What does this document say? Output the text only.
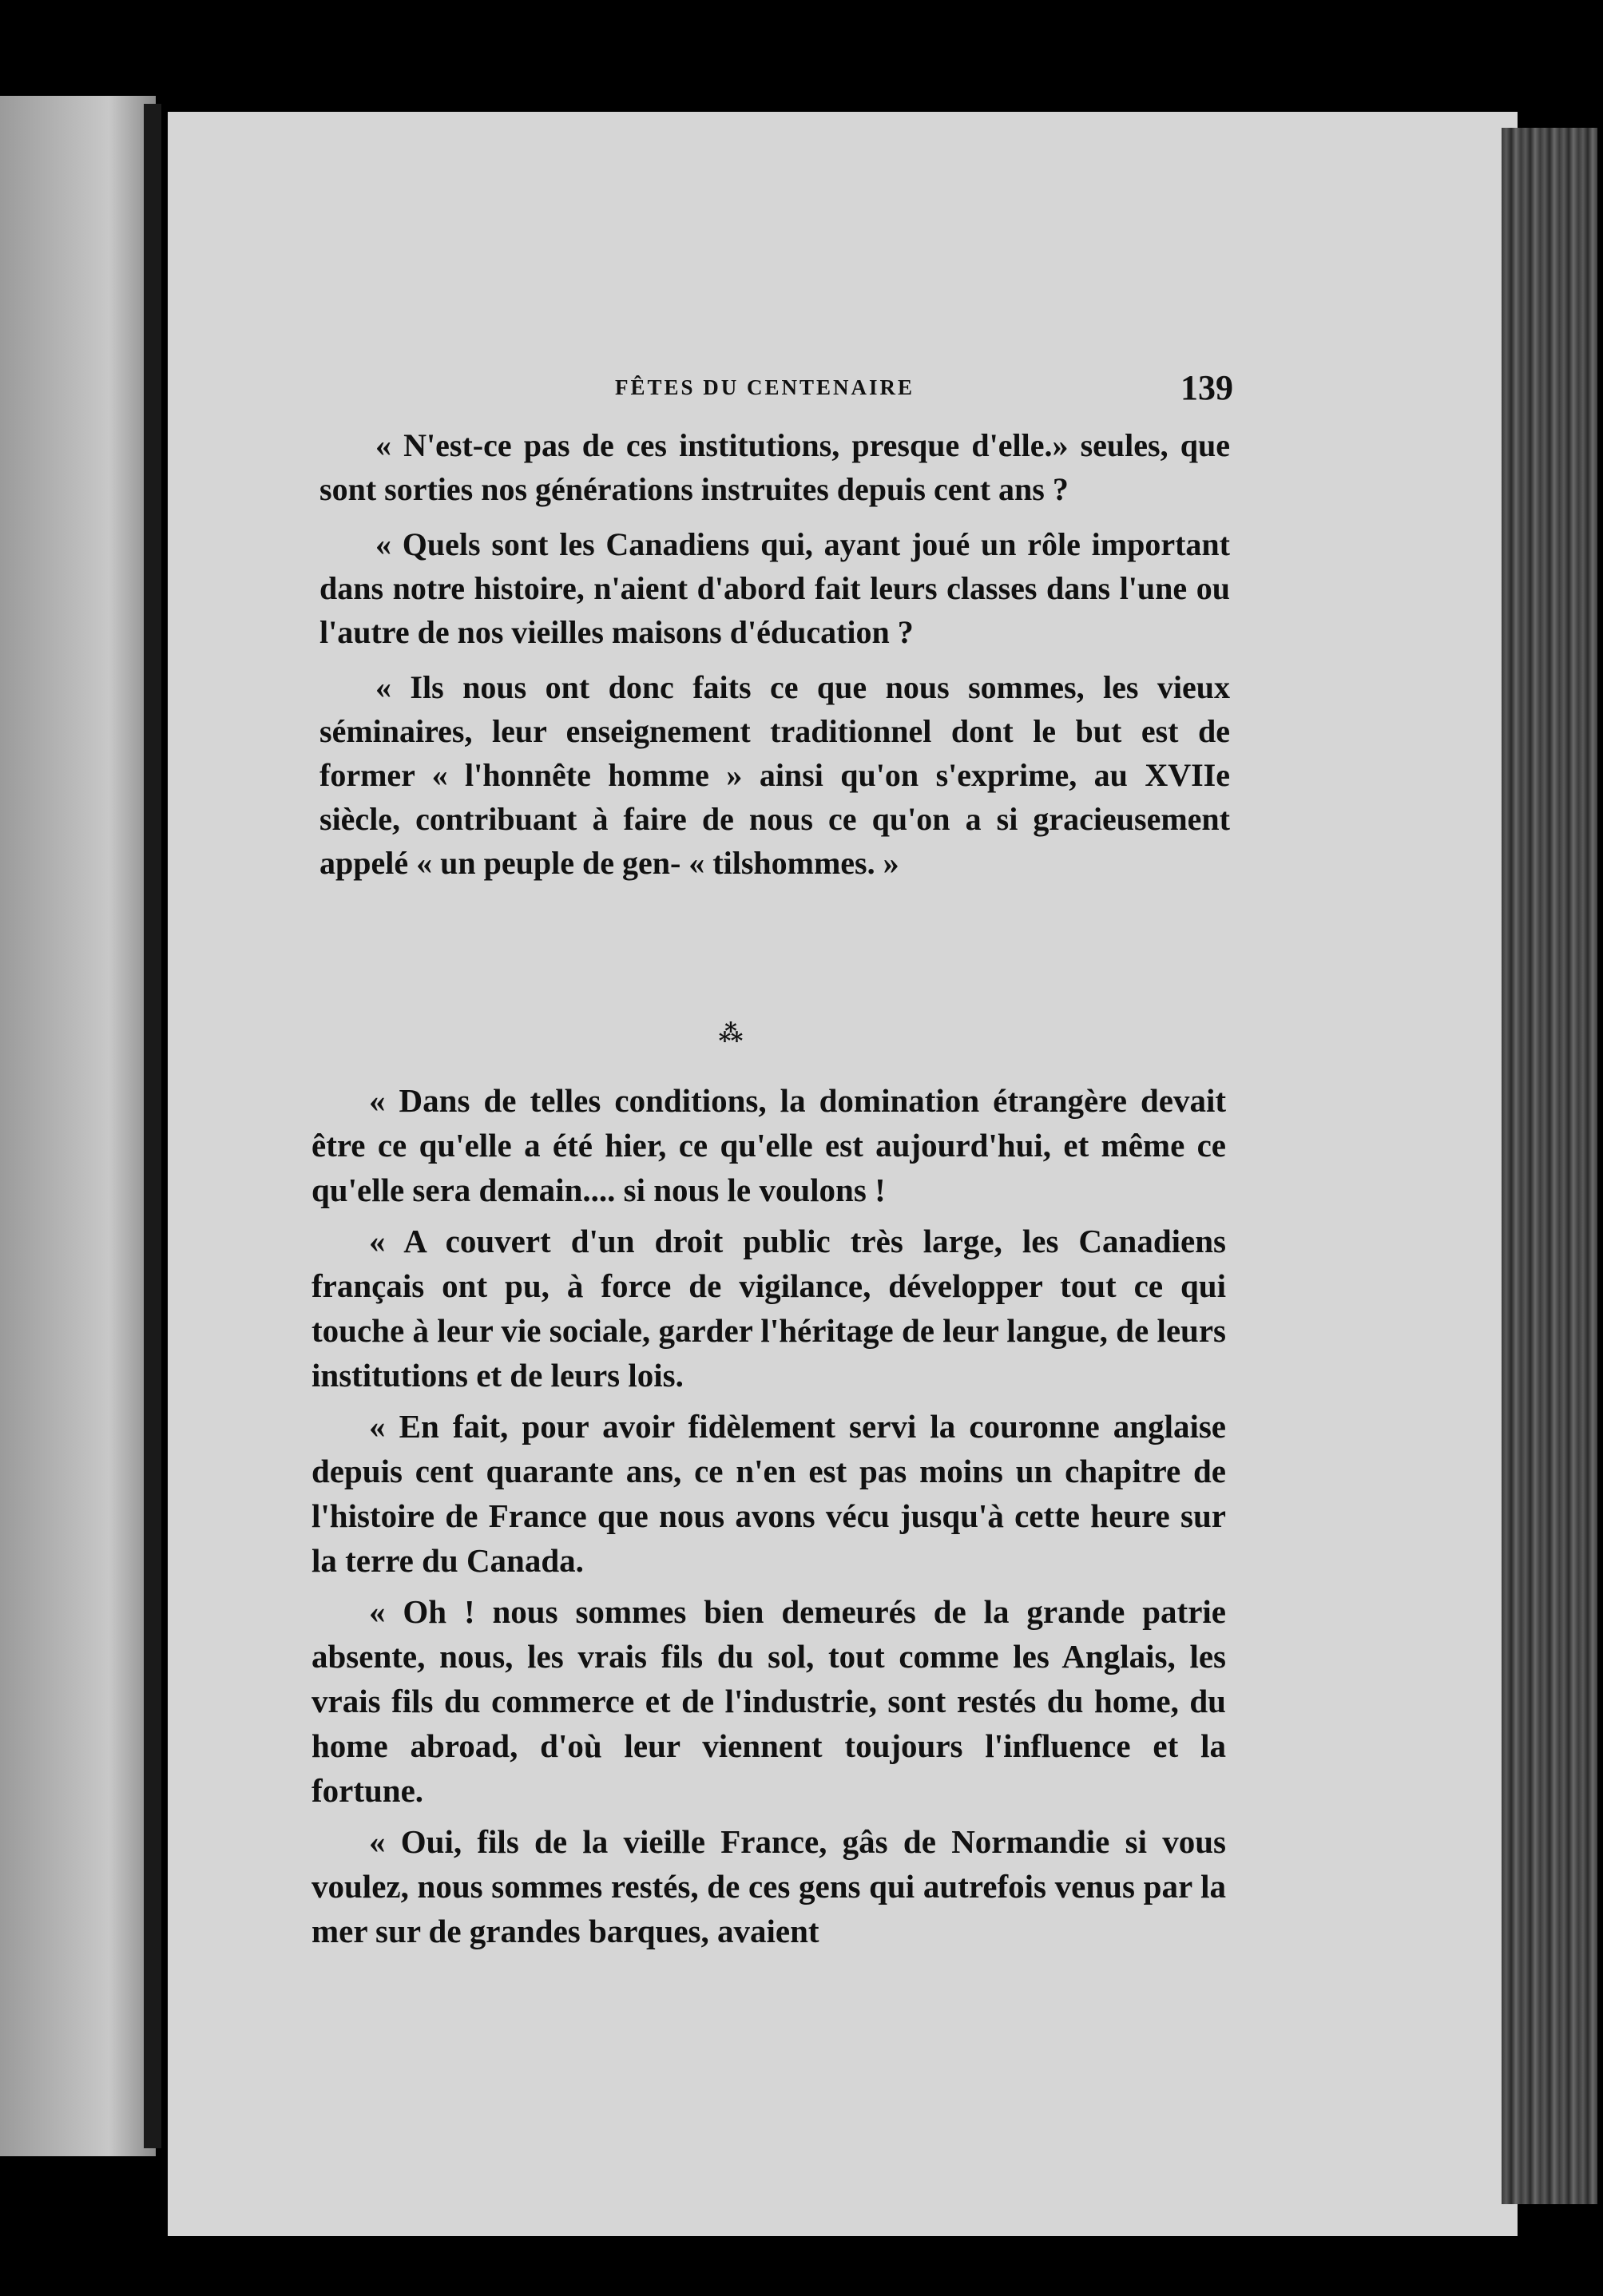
FÊTES DU CENTENAIRE	139

« N'est-ce pas de ces institutions, presque d'elle.» seules, que sont sorties nos générations instruites depuis cent ans ?

« Quels sont les Canadiens qui, ayant joué un rôle important dans notre histoire, n'aient d'abord fait leurs classes dans l'une ou l'autre de nos vieilles maisons d'éducation ?

« Ils nous ont donc faits ce que nous sommes, les vieux séminaires, leur enseignement traditionnel dont le but est de former « l'honnête homme » ainsi qu'on s'exprime, au XVIIe siècle, contribuant à faire de nous ce qu'on a si gracieusement appelé « un peuple de gen- « tilshommes. »

⁂

« Dans de telles conditions, la domination étrangère devait être ce qu'elle a été hier, ce qu'elle est aujourd'hui, et même ce qu'elle sera demain.... si nous le voulons !

« A couvert d'un droit public très large, les Canadiens français ont pu, à force de vigilance, développer tout ce qui touche à leur vie sociale, garder l'héritage de leur langue, de leurs institutions et de leurs lois.

« En fait, pour avoir fidèlement servi la couronne anglaise depuis cent quarante ans, ce n'en est pas moins un chapitre de l'histoire de France que nous avons vécu jusqu'à cette heure sur la terre du Canada.

« Oh ! nous sommes bien demeurés de la grande patrie absente, nous, les vrais fils du sol, tout comme les Anglais, les vrais fils du commerce et de l'industrie, sont restés du home, du home abroad, d'où leur viennent toujours l'influence et la fortune.

« Oui, fils de la vieille France, gâs de Normandie si vous voulez, nous sommes restés, de ces gens qui autrefois venus par la mer sur de grandes barques, avaient
